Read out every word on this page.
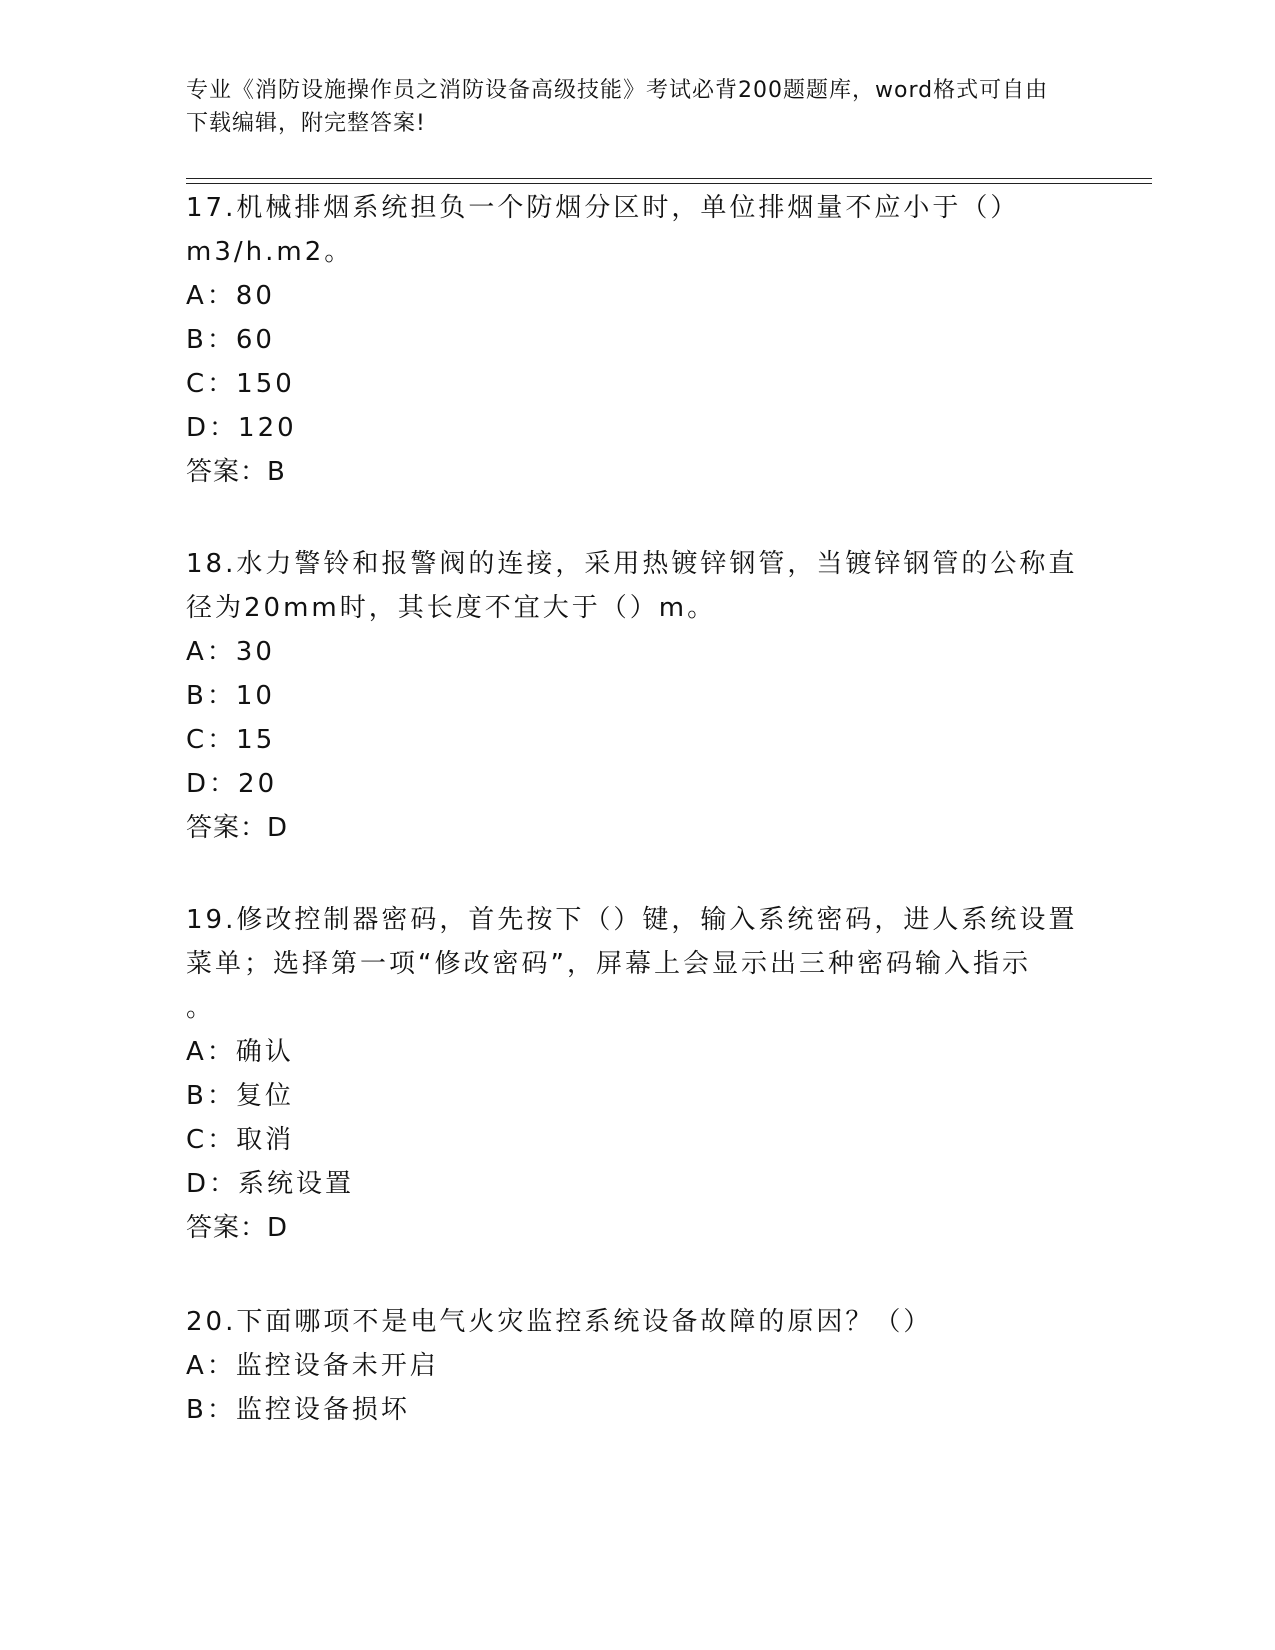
专业《消防设施操作员之消防设备高级技能》考试必背200题题库，word格式可自由下载编辑，附完整答案!
17.机械排烟系统担负一个防烟分区时，单位排烟量不应小于（）
m3/h.m2。
A：80
B：60
C：150
D：120
答案：B
18.水力警铃和报警阀的连接，采用热镀锌钢管，当镀锌钢管的公称直
径为20mm时，其长度不宜大于（）m。
A：30
B：10
C：15
D：20
答案：D
19.修改控制器密码，首先按下（）键，输入系统密码，进人系统设置
菜单；选择第一项“修改密码”，屏幕上会显示出三种密码输入指示
。
A：确认
B：复位
C：取消
D：系统设置
答案：D
20.下面哪项不是电气火灾监控系统设备故障的原因？（）
A：监控设备未开启
B：监控设备损坏
